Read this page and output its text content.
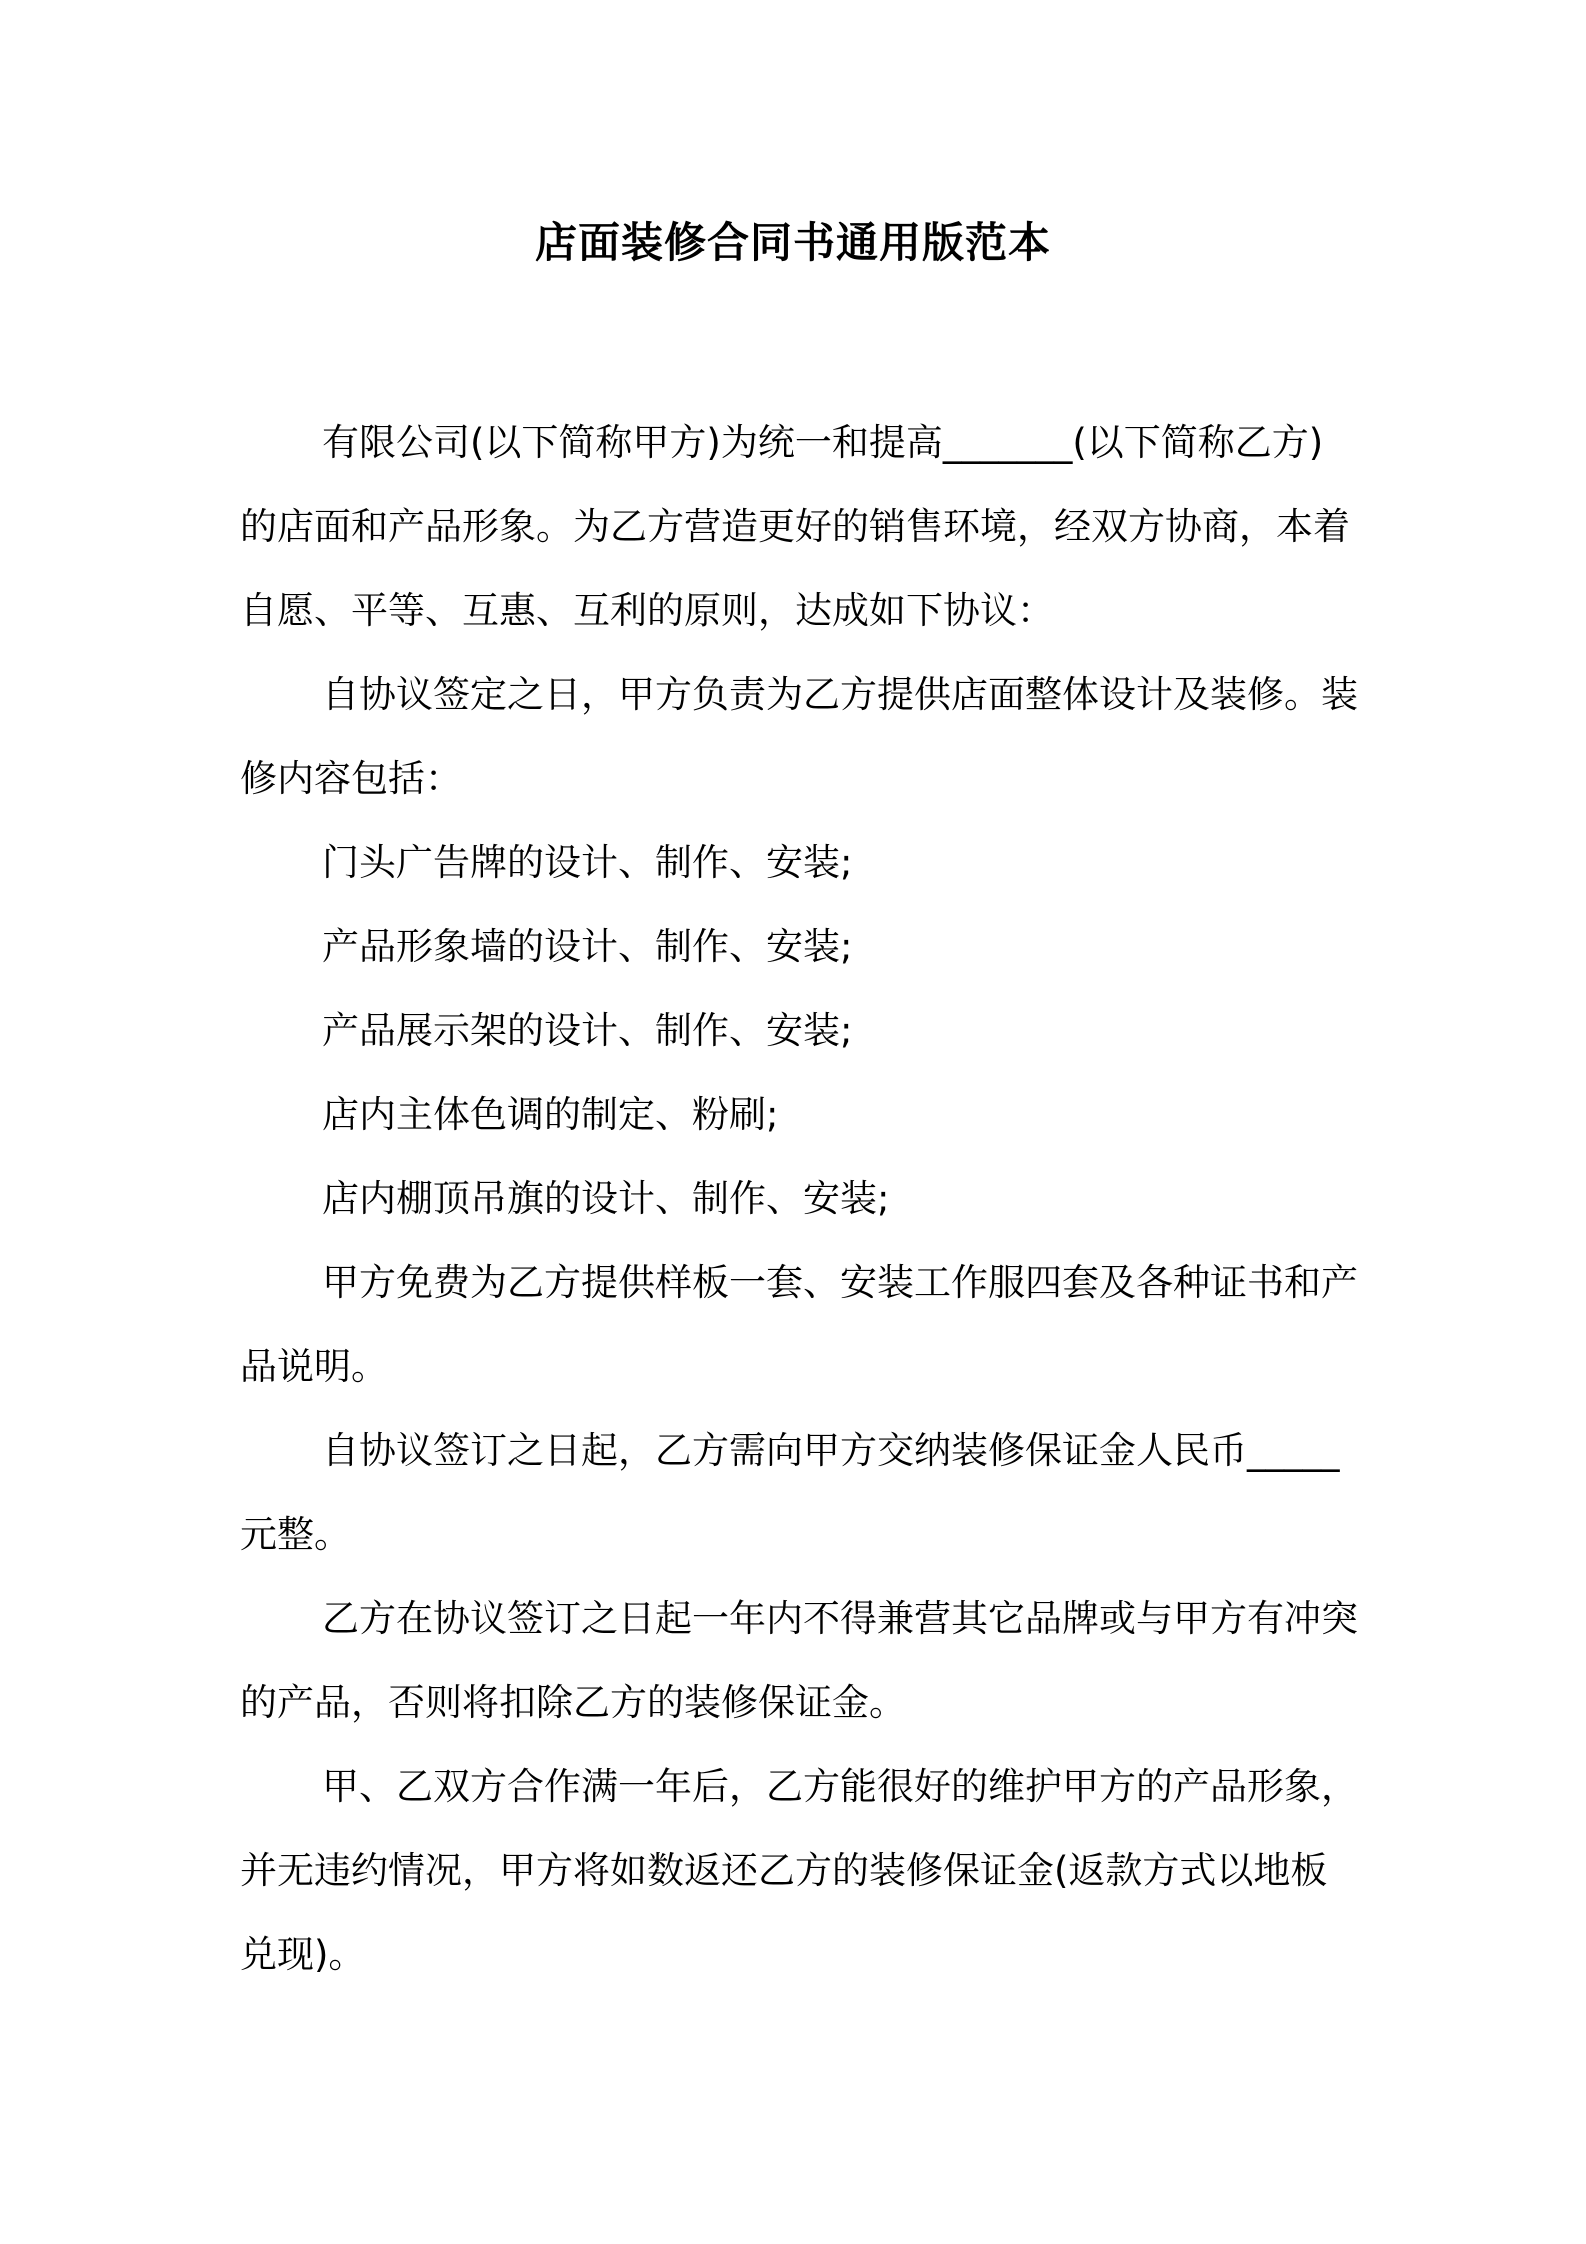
店面装修合同书通用版范本

有限公司(以下简称甲方)为统一和提高_______(以下简称乙方)的店面和产品形象。为乙方营造更好的销售环境，经双方协商，本着自愿、平等、互惠、互利的原则，达成如下协议：

自协议签定之日，甲方负责为乙方提供店面整体设计及装修。装修内容包括：

门头广告牌的设计、制作、安装;

产品形象墙的设计、制作、安装;

产品展示架的设计、制作、安装;

店内主体色调的制定、粉刷;

店内棚顶吊旗的设计、制作、安装;

甲方免费为乙方提供样板一套、安装工作服四套及各种证书和产品说明。

自协议签订之日起，乙方需向甲方交纳装修保证金人民币_____元整。

乙方在协议签订之日起一年内不得兼营其它品牌或与甲方有冲突的产品，否则将扣除乙方的装修保证金。

甲、乙双方合作满一年后，乙方能很好的维护甲方的产品形象，并无违约情况，甲方将如数返还乙方的装修保证金(返款方式以地板兑现)。
